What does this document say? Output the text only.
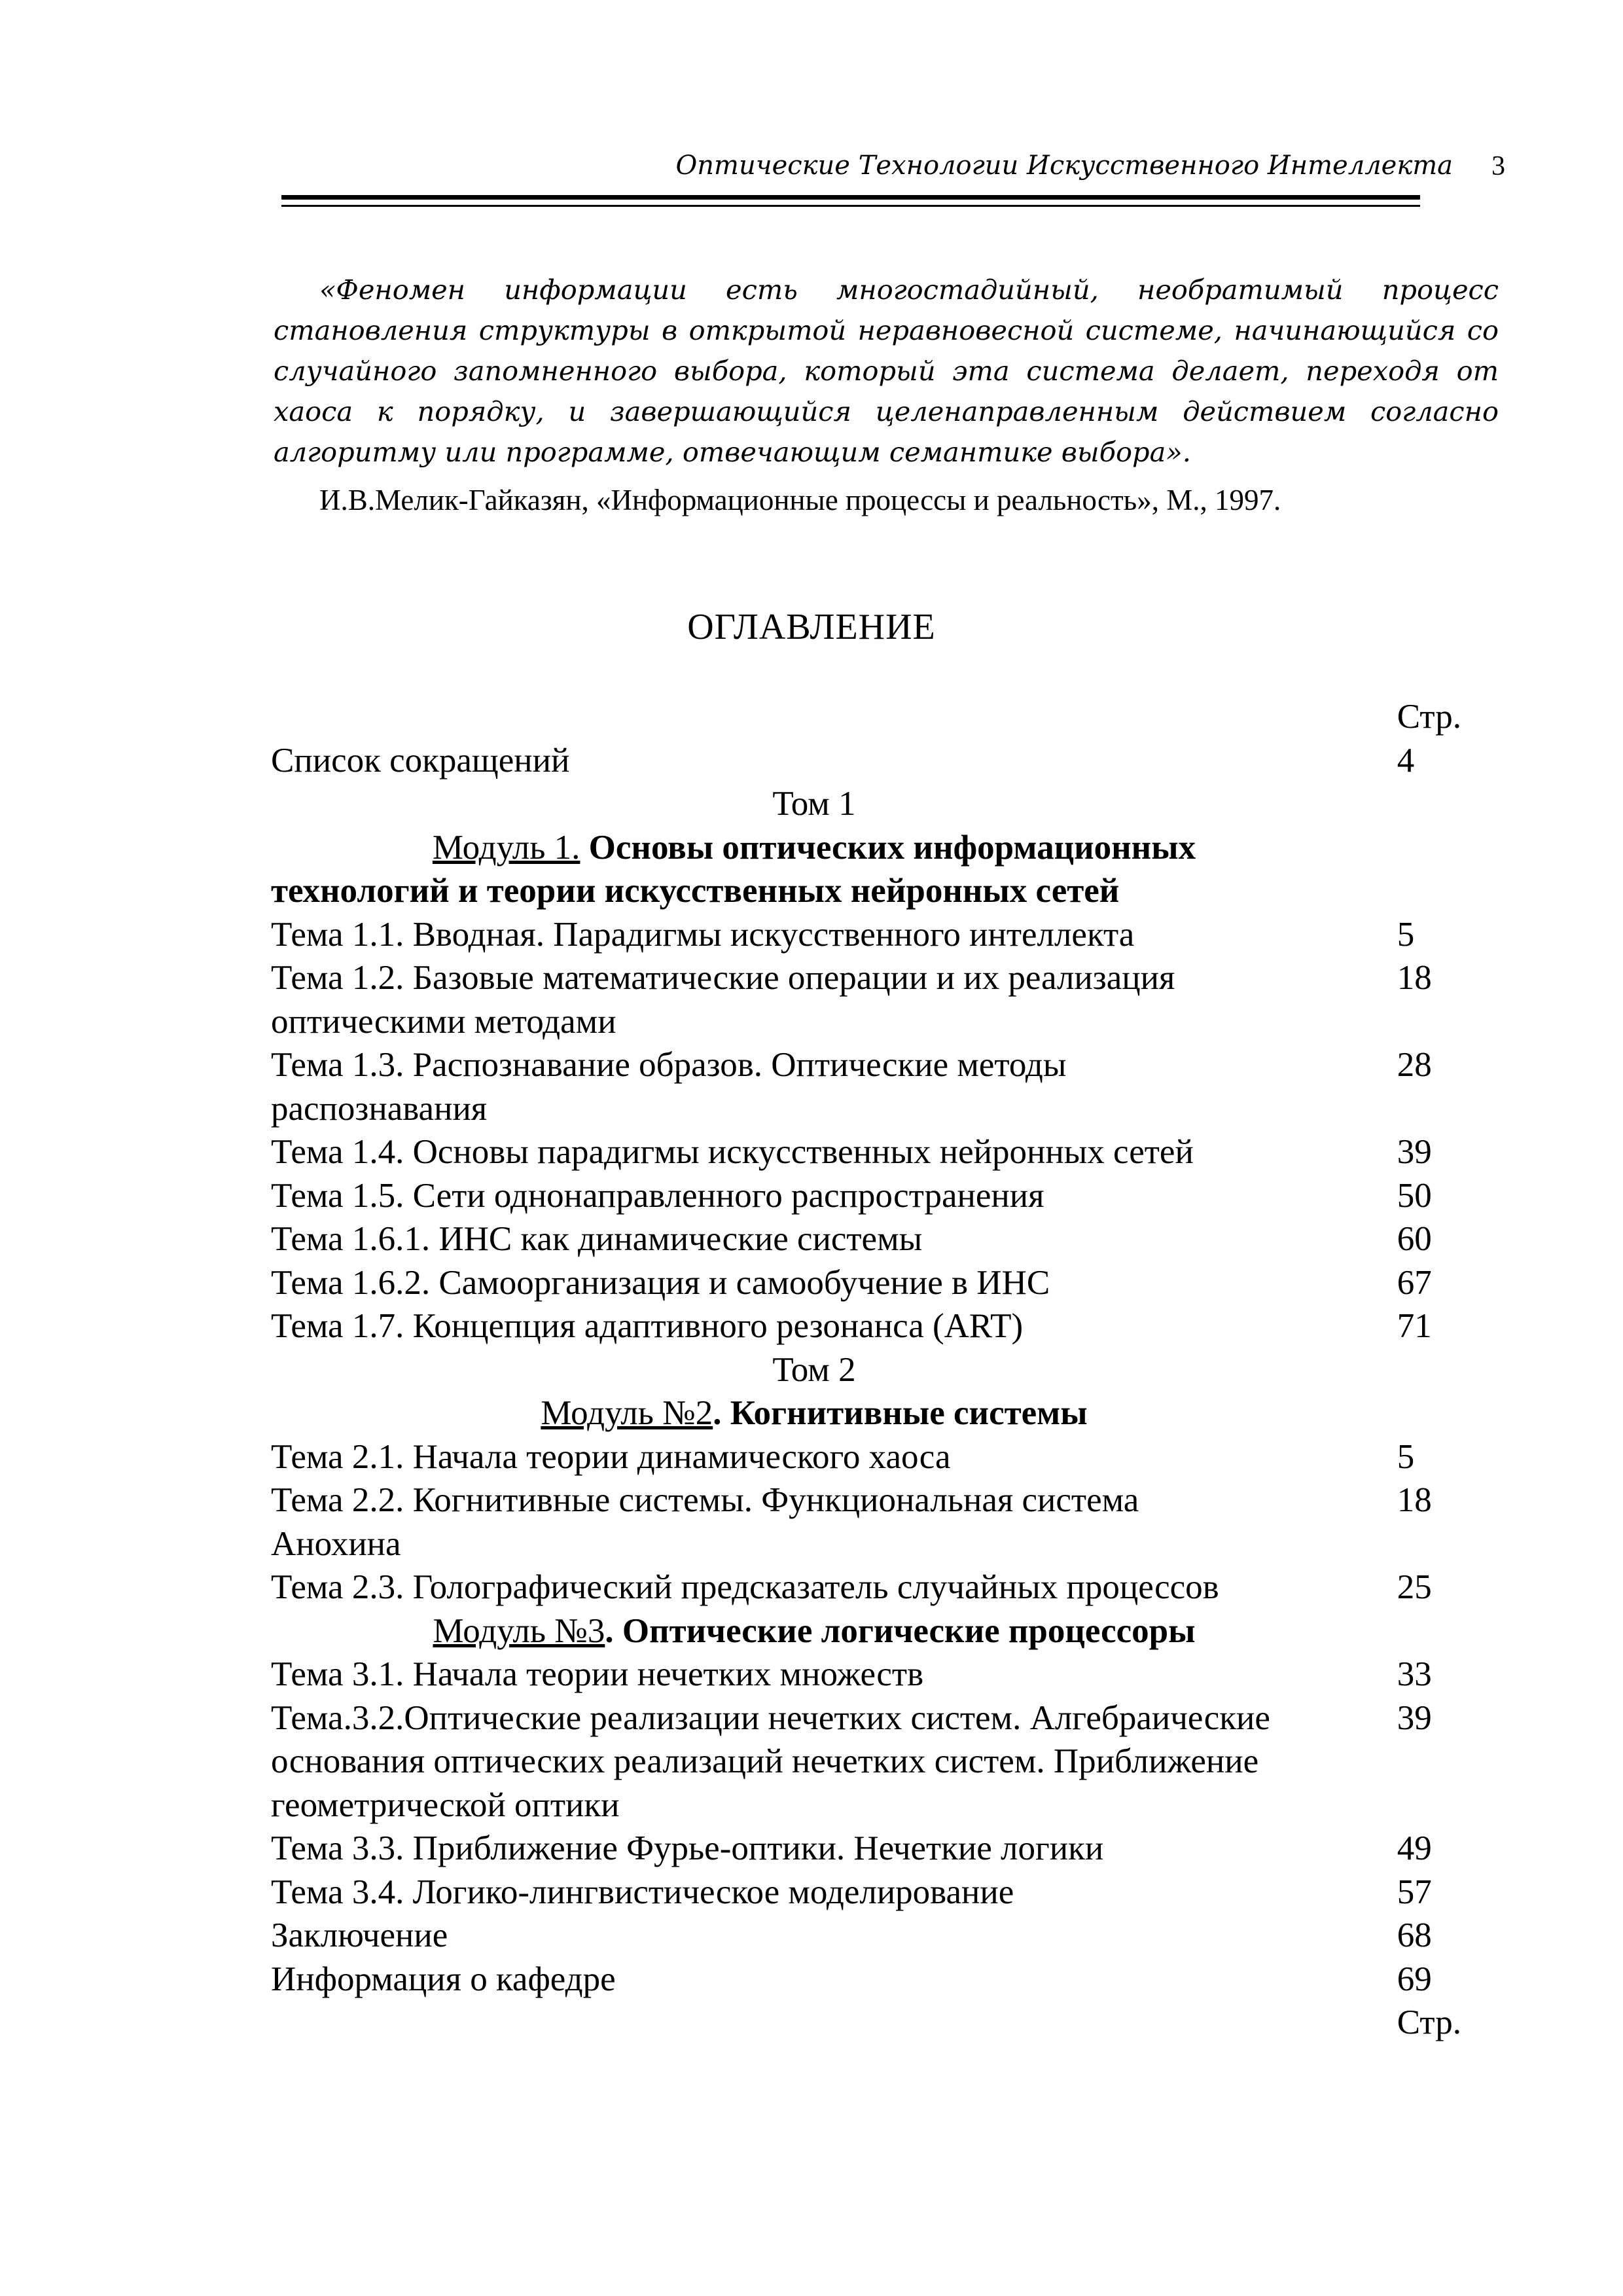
Оптические Технологии Искусственного Интеллекта 3
«Феномен информации есть многостадийный, необратимый процесс становления структуры в открытой неравновесной системе, начинающийся со случайного запомненного выбора, который эта система делает, переходя от хаоса к порядку, и завершающийся целенаправленным действием согласно алгоритму или программе, отвечающим семантике выбора».
И.В.Мелик-Гайказян, «Информационные процессы и реальность», М., 1997.
ОГЛАВЛЕНИЕ
Стр.
Список сокращений	4
Том 1
Модуль 1. Основы оптических информационных
технологий и теории искусственных нейронных сетей
Тема 1.1. Вводная. Парадигмы искусственного интеллекта	5
Тема 1.2. Базовые математические операции и их реализация	18
оптическими методами
Тема 1.3. Распознавание образов. Оптические методы	28
распознавания
Тема 1.4. Основы парадигмы искусственных нейронных сетей	39
Тема 1.5. Сети однонаправленного распространения	50
Тема 1.6.1. ИНС как динамические системы	60
Тема 1.6.2. Самоорганизация и самообучение в ИНС	67
Тема 1.7. Концепция адаптивного резонанса (ART)	71
Том 2
Модуль №2. Когнитивные системы
Тема 2.1. Начала теории динамического хаоса	5
Тема 2.2. Когнитивные системы. Функциональная система	18
Анохина
Тема 2.3. Голографический предсказатель случайных процессов	25
Модуль №3. Оптические логические процессоры
Тема 3.1. Начала теории нечетких множеств	33
Тема.3.2.Оптические реализации нечетких систем. Алгебраические	39
основания оптических реализаций нечетких систем. Приближение
геометрической оптики
Тема 3.3. Приближение Фурье-оптики. Нечеткие логики	49
Тема 3.4. Логико-лингвистическое моделирование	57
Заключение	68
Информация о кафедре	69
Стр.
